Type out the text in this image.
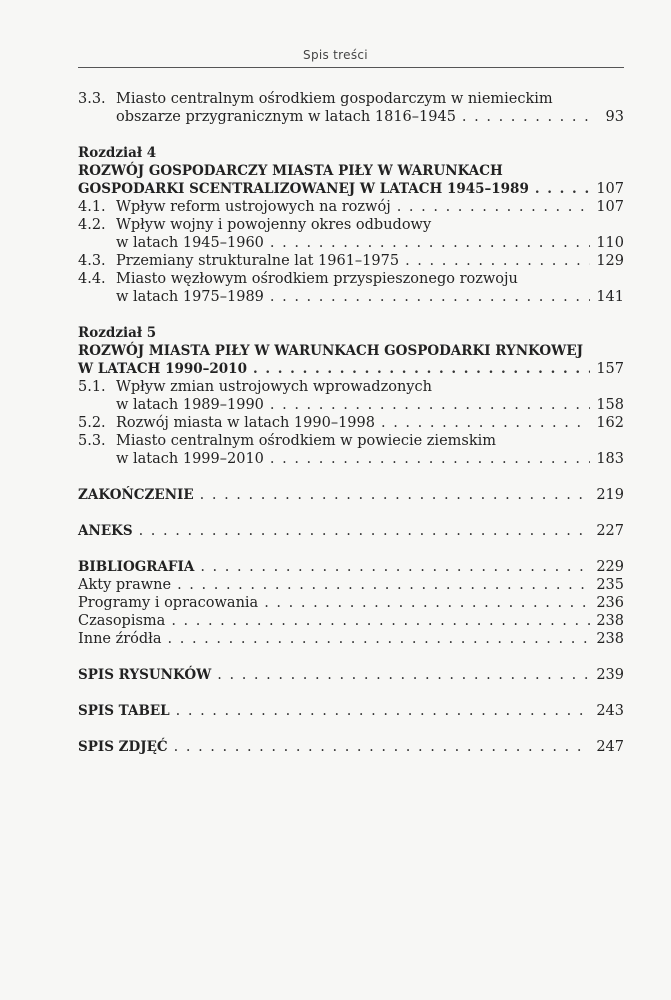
Spis treści
3.3. Miasto centralnym ośrodkiem gospodarczym w niemieckim
obszarze przygranicznym w latach 1816–1945 . . .	93
Rozdział 4
ROZWÓJ GOSPODARCZY MIASTA PIŁY W WARUNKACH
GOSPODARKI SCENTRALIZOWANEJ W LATACH 1945–1989 . . .	107
4.1. Wpływ reform ustrojowych na rozwój . . .	107
4.2. Wpływ wojny i powojenny okres odbudowy
w latach 1945–1960 . . .	110
4.3. Przemiany strukturalne lat 1961–1975 . . .	129
4.4. Miasto węzłowym ośrodkiem przyspieszonego rozwoju
w latach 1975–1989 . . .	141
Rozdział 5
ROZWÓJ MIASTA PIŁY W WARUNKACH GOSPODARKI RYNKOWEJ
W LATACH 1990–2010 . . .	157
5.1. Wpływ zmian ustrojowych wprowadzonych
w latach 1989–1990 . . .	158
5.2. Rozwój miasta w latach 1990–1998 . . .	162
5.3. Miasto centralnym ośrodkiem w powiecie ziemskim
w latach 1999–2010 . . .	183
ZAKOŃCZENIE . . .	219
ANEKS . . .	227
BIBLIOGRAFIA . . .	229
Akty prawne . . .	235
Programy i opracowania . . .	236
Czasopisma . . .	238
Inne źródła . . .	238
SPIS RYSUNKÓW . . .	239
SPIS TABEL . . .	243
SPIS ZDJĘĆ . . .	247
